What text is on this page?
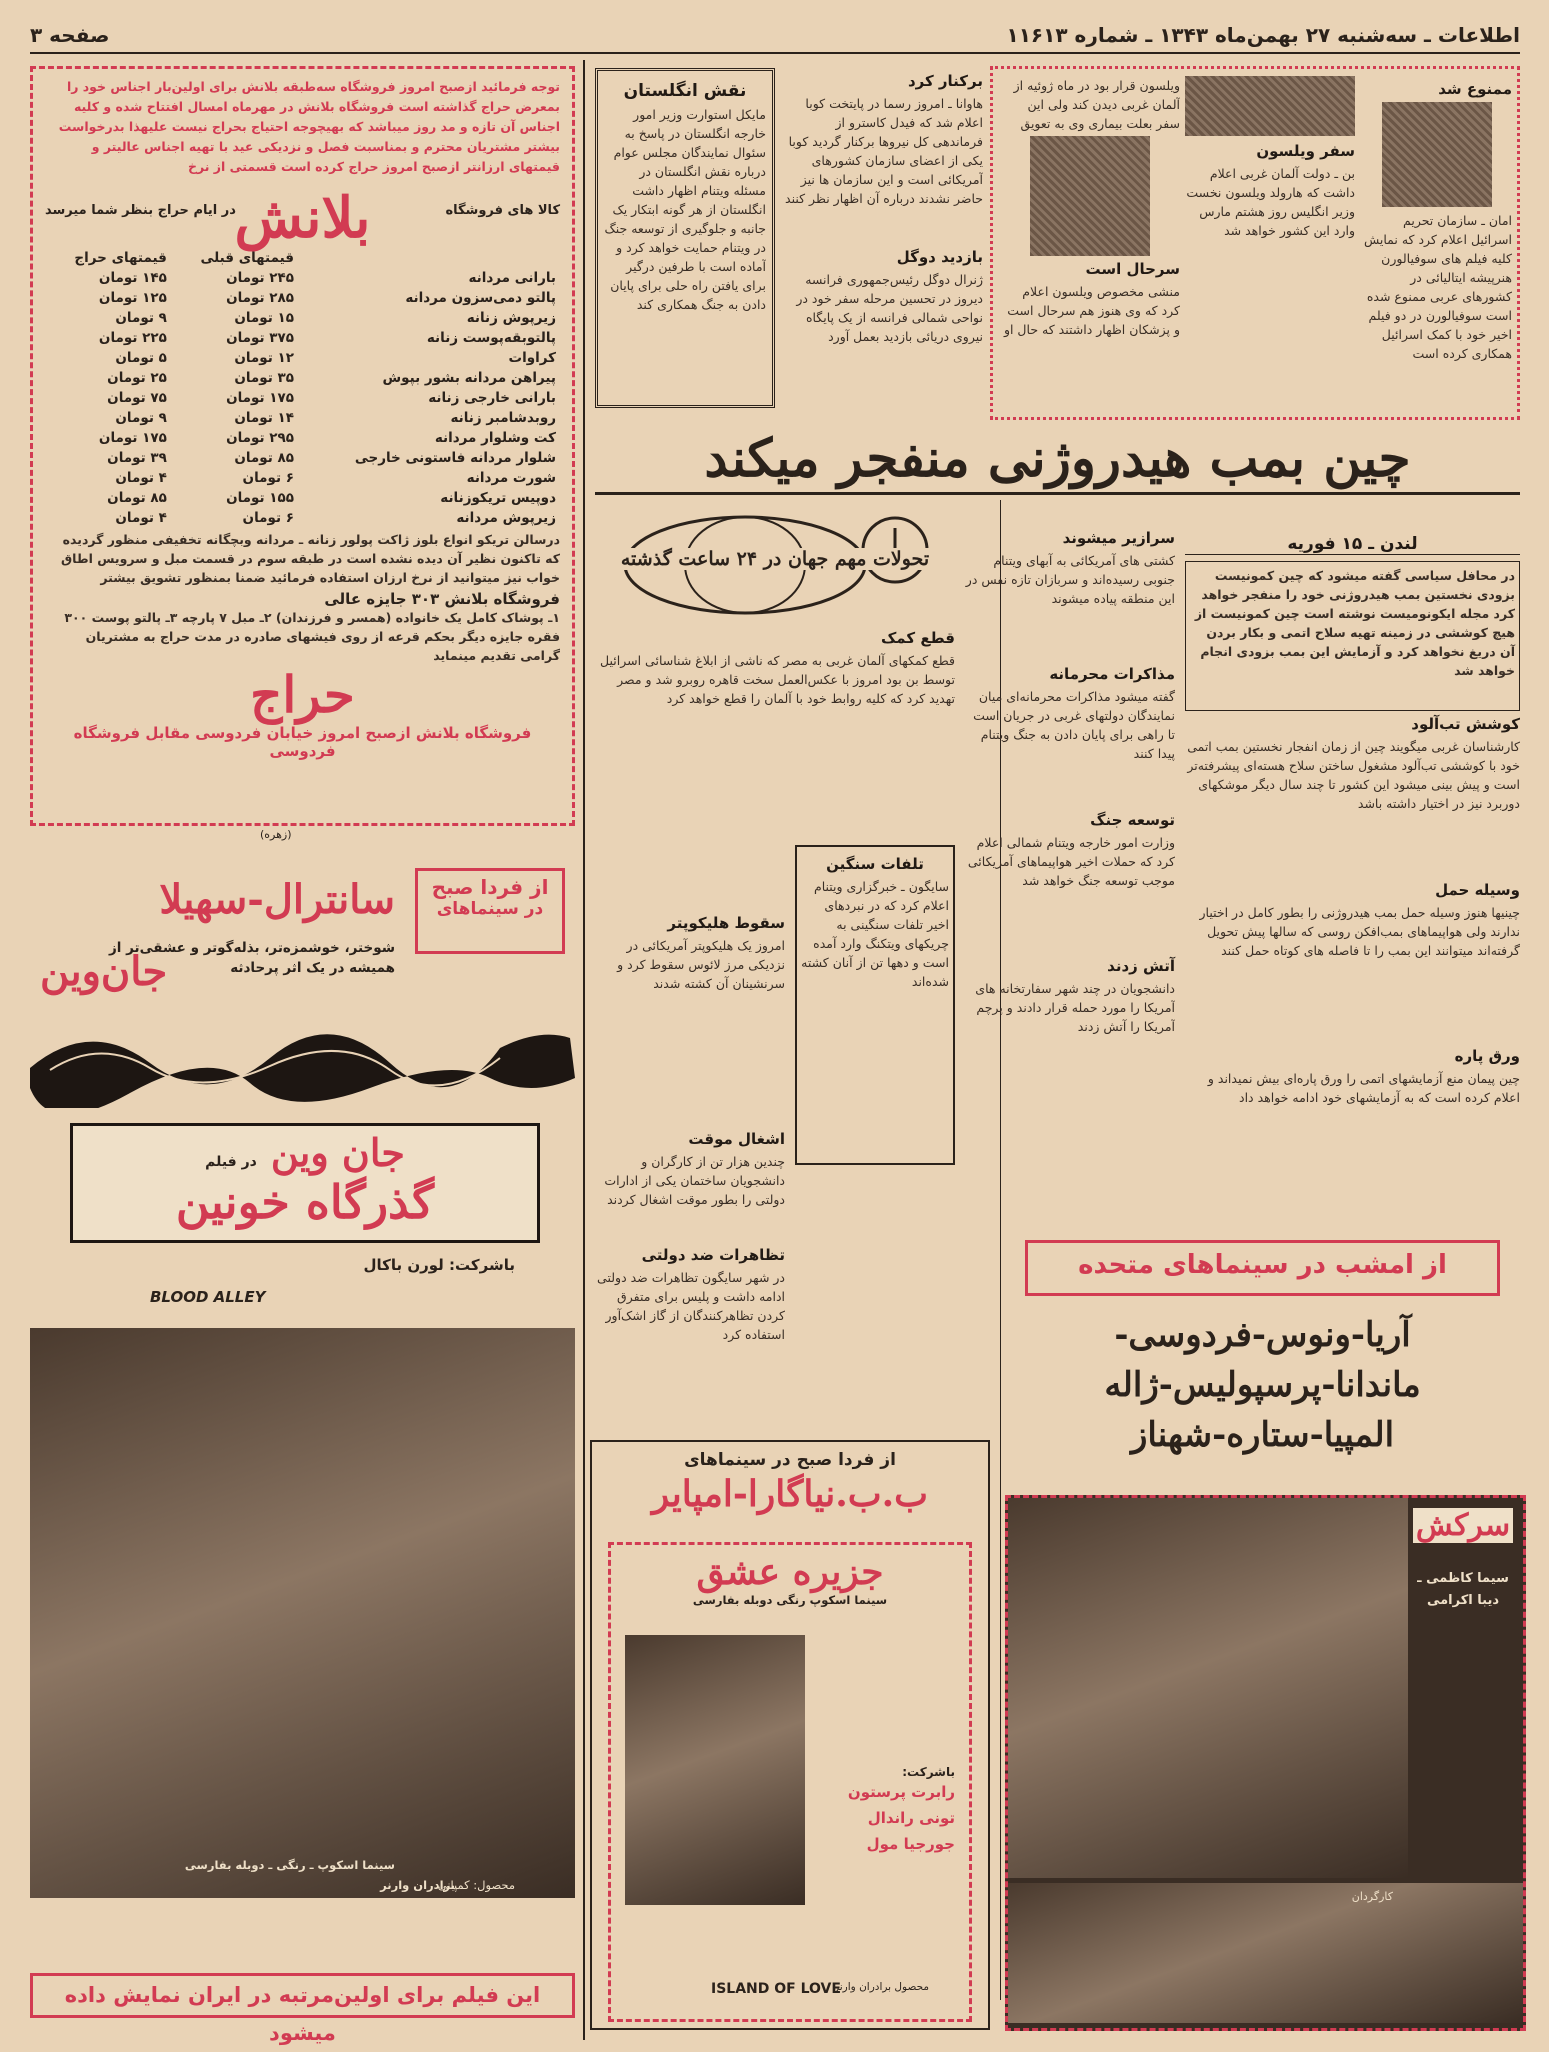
صفحه ۳	اطلاعات ـ سه‌شنبه ۲۷ بهمن‌ماه ۱۳۴۳ ـ شماره ۱۱۶۱۳
توجه فرمائید ازصبح امروز فروشگاه سه‌طبقه بلانش برای اولین‌بار اجناس خود را بمعرض حراج گذاشته است فروشگاه بلانش در مهرماه امسال افتتاح شده و کلیه اجناس آن تازه و مد روز میباشد که بهیچوجه احتیاج بحراج نیست علیهذا بدرخواست بیشتر مشتریان محترم و بمناسبت فصل و نزدیکی عید با تهیه اجناس عالیتر و قیمتهای ارزانتر ازصبح امروز حراج کرده است قسمتی از نرخ
کالا های فروشگاه
در ایام حراج بنظر شما میرسد
بلانش
	قیمتهای قبلی	قیمتهای حراج
بارانی مردانه	۲۴۵ تومان	۱۴۵ تومان
پالتو دمی‌سزون مردانه	۲۸۵ تومان	۱۲۵ تومان
زیرپوش زنانه	۱۵ تومان	۹ تومان
پالتوبقه‌پوست زنانه	۳۷۵ تومان	۲۲۵ تومان
کراوات	۱۲ تومان	۵ تومان
پیراهن مردانه بشور بپوش	۳۵ تومان	۲۵ تومان
بارانی خارجی زنانه	۱۷۵ تومان	۷۵ تومان
روبدشامبر زنانه	۱۴ تومان	۹ تومان
کت وشلوار مردانه	۲۹۵ تومان	۱۷۵ تومان
شلوار مردانه فاستونی خارجی	۸۵ تومان	۳۹ تومان
شورت مردانه	۶ تومان	۴ تومان
دوپیس تریکوزنانه	۱۵۵ تومان	۸۵ تومان
زیرپوش مردانه	۶ تومان	۴ تومان
درسالن تریکو انواع بلوز ژاکت پولور زنانه ـ مردانه وبچگانه تخفیفی منظور گردیده که تاکنون نظیر آن دیده نشده است در طبقه سوم در قسمت مبل و سرویس اطاق خواب نیز میتوانید از نرخ ارزان استفاده فرمائید ضمنا بمنظور تشویق بیشتر
فروشگاه بلانش ۳۰۳ جایزه عالی
۱ـ پوشاک کامل یک خانواده (همسر و فرزندان) ۲ـ مبل ۷ پارچه ۳ـ پالتو پوست ۳۰۰ فقره جایزه دیگر بحکم قرعه از روی فیشهای صادره در مدت حراج به مشتریان گرامی تقدیم مینماید
حراج
فروشگاه بلانش ازصبح امروز خیابان فردوسی مقابل فروشگاه فردوسی
(زهره)
از فردا صبح
در سینماهای
سانترال-سهیلا
شوختر، خوشمزه‌تر، بذله‌گوتر و عشقی‌تر از همیشه در یک اثر پرحادثه
جان‌وین
جان وین
در فیلم
گذرگاه خونین
باشرکت: لورن باکال
BLOOD ALLEY
سینما اسکوپ ـ رنگی ـ دوبله بفارسی
محصول: کمپانی
برادران وارنر
این فیلم برای اولین‌مرتبه در ایران نمایش داده میشود
نقش انگلستان
مایکل استوارت وزیر امور خارجه انگلستان در پاسخ به سئوال نمایندگان مجلس عوام درباره نقش انگلستان در مسئله ویتنام اظهار داشت انگلستان از هر گونه ابتکار یک جانبه و جلوگیری از توسعه جنگ در ویتنام حمایت خواهد کرد و آماده است با طرفین درگیر برای یافتن راه حلی برای پایان دادن به جنگ همکاری کند
برکنار کرد
هاوانا ـ امروز رسما در پایتخت کوبا اعلام شد که فیدل کاسترو از فرماندهی کل نیروها برکنار گردید کوبا یکی از اعضای سازمان کشورهای آمریکائی است و این سازمان ها نیز حاضر نشدند درباره آن اظهار نظر کنند
بازدید دوگل
ژنرال دوگل رئیس‌جمهوری فرانسه دیروز در تحسین مرحله سفر خود در نواحی شمالی فرانسه از یک پایگاه نیروی دریائی بازدید بعمل آورد
ویلسون قرار بود در ماه ژوئیه از آلمان غربی دیدن کند ولی این سفر بعلت بیماری وی به تعویق
سرحال است
منشی مخصوص ویلسون اعلام کرد که وی هنوز هم سرحال است و پزشکان اظهار داشتند که حال او
سفر ویلسون
بن ـ دولت آلمان غربی اعلام داشت که هارولد ویلسون نخست وزیر انگلیس روز هشتم مارس وارد این کشور خواهد شد
ممنوع شد
امان ـ سازمان تحریم اسرائیل اعلام کرد که نمایش کلیه فیلم های سوفیالورن هنرپیشه ایتالیائی در کشورهای عربی ممنوع شده است سوفیالورن در دو فیلم اخیر خود با کمک اسرائیل همکاری کرده است
چین بمب هیدروژنی منفجر میکند
تحولات مهم جهان در ۲۴ ساعت گذشته
قطع کمک
قطع کمکهای آلمان غربی به مصر که ناشی از ابلاغ شناسائی اسرائیل توسط بن بود امروز با عکس‌العمل سخت قاهره روبرو شد و مصر تهدید کرد که کلیه روابط خود با آلمان را قطع خواهد کرد
سرازیر میشوند
کشتی های آمریکائی به آبهای ویتنام جنوبی رسیده‌اند و سربازان تازه نفس در این منطقه پیاده میشوند
مذاکرات محرمانه
گفته میشود مذاکرات محرمانه‌ای میان نمایندگان دولتهای غربی در جریان است تا راهی برای پایان دادن به جنگ ویتنام پیدا کنند
توسعه جنگ
وزارت امور خارجه ویتنام شمالی اعلام کرد که حملات اخیر هواپیماهای آمریکائی موجب توسعه جنگ خواهد شد
آتش زدند
دانشجویان در چند شهر سفارتخانه های آمریکا را مورد حمله قرار دادند و پرچم آمریکا را آتش زدند
لندن ـ ۱۵ فوریه
در محافل سیاسی گفته میشود که چین کمونیست بزودی نخستین بمب هیدروژنی خود را منفجر خواهد کرد مجله ایکونومیست نوشته است چین کمونیست از هیچ کوششی در زمینه تهیه سلاح اتمی و بکار بردن آن دریغ نخواهد کرد و آزمایش این بمب بزودی انجام خواهد شد
کوشش تب‌آلود
کارشناسان غربی میگویند چین از زمان انفجار نخستین بمب اتمی خود با کوششی تب‌آلود مشغول ساختن سلاح هسته‌ای پیشرفته‌تر است و پیش بینی میشود این کشور تا چند سال دیگر موشکهای دوربرد نیز در اختیار داشته باشد
وسیله حمل
چینیها هنوز وسیله حمل بمب هیدروژنی را بطور کامل در اختیار ندارند ولی هواپیماهای بمب‌افکن روسی که سالها پیش تحویل گرفته‌اند میتوانند این بمب را تا فاصله های کوتاه حمل کنند
ورق پاره
چین پیمان منع آزمایشهای اتمی را ورق پاره‌ای بیش نمیداند و اعلام کرده است که به آزمایشهای خود ادامه خواهد داد
تلفات سنگین
سایگون ـ خبرگزاری ویتنام اعلام کرد که در نبردهای اخیر تلفات سنگینی به چریکهای ویتکنگ وارد آمده است و دهها تن از آنان کشته شده‌اند
سقوط هلیکوپتر
امروز یک هلیکوپتر آمریکائی در نزدیکی مرز لائوس سقوط کرد و سرنشینان آن کشته شدند
اشغال موقت
چندین هزار تن از کارگران و دانشجویان ساختمان یکی از ادارات دولتی را بطور موقت اشغال کردند
تظاهرات ضد دولتی
در شهر سایگون تظاهرات ضد دولتی ادامه داشت و پلیس برای متفرق کردن تظاهرکنندگان از گاز اشک‌آور استفاده کرد
از فردا صبح در سینماهای
ب.ب.نیاگارا-امپایر
جزیره عشق
سینما اسکوپ رنگی دوبله بفارسی
باشرکت:
رابرت پرستون
تونی راندال
جورجیا مول
ISLAND OF LOVE
محصول برادران وارنر
از امشب در سینماهای متحده
آریا-ونوس-فردوسی-
ماندانا-پرسپولیس-ژاله
المپیا-ستاره-شهناز
سرکش
سیما کاظمی ـ دیبا اکرامی
کارگردان
